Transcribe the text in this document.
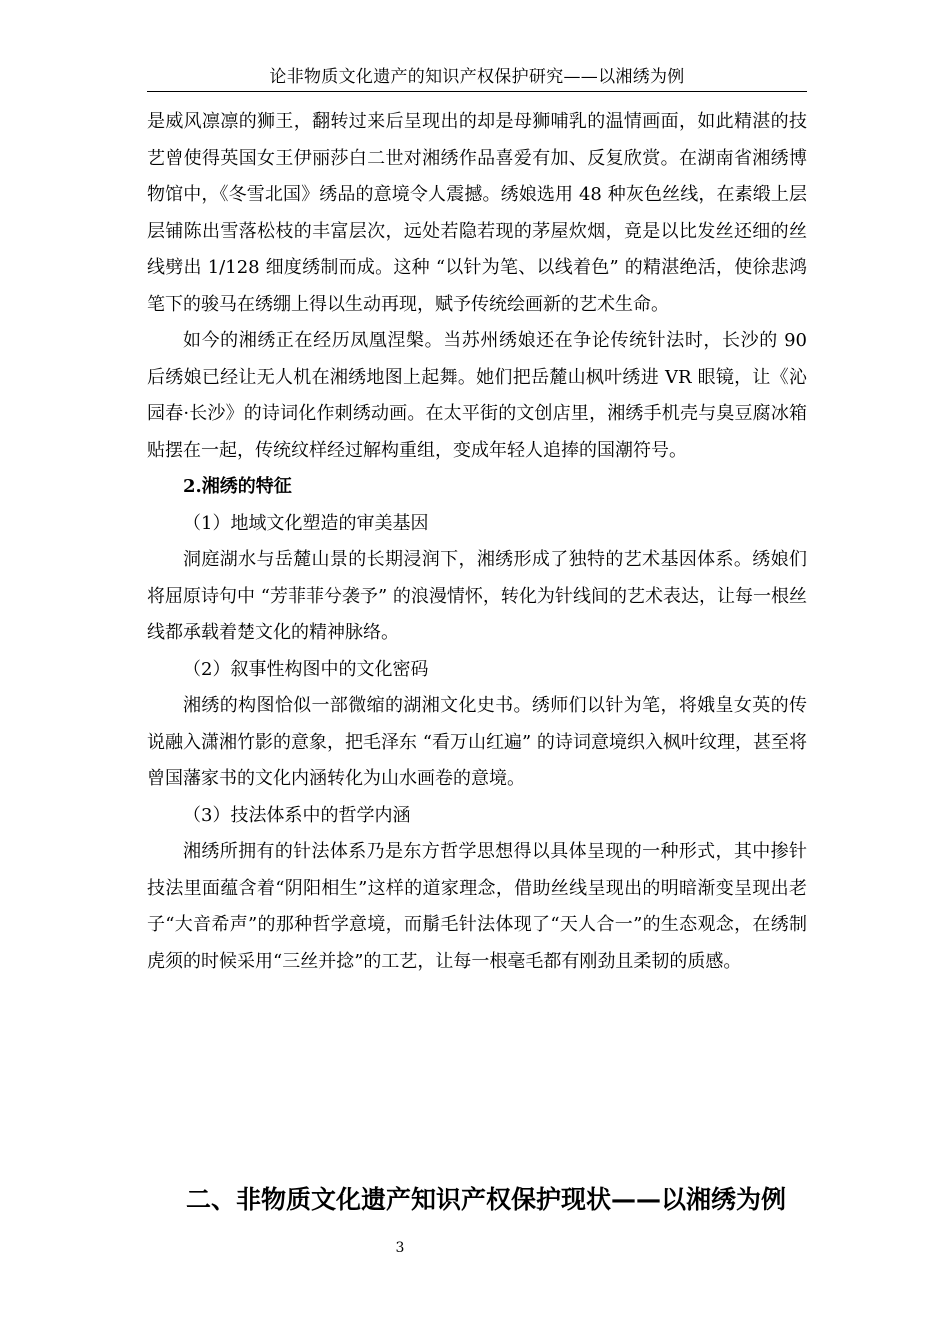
论非物质文化遗产的知识产权保护研究——以湘绣为例

是威风凛凛的狮王，翻转过来后呈现出的却是母狮哺乳的温情画面，如此精湛的技艺曾使得英国女王伊丽莎白二世对湘绣作品喜爱有加、反复欣赏。在湖南省湘绣博物馆中，《冬雪北国》绣品的意境令人震撼。绣娘选用 48 种灰色丝线，在素缎上层层铺陈出雪落松枝的丰富层次，远处若隐若现的茅屋炊烟，竟是以比发丝还细的丝线劈出 1/128 细度绣制而成。这种 “以针为笔、以线着色” 的精湛绝活，使徐悲鸿笔下的骏马在绣绷上得以生动再现，赋予传统绘画新的艺术生命。

如今的湘绣正在经历凤凰涅槃。当苏州绣娘还在争论传统针法时，长沙的 90 后绣娘已经让无人机在湘绣地图上起舞。她们把岳麓山枫叶绣进 VR 眼镜，让《沁园春·长沙》的诗词化作刺绣动画。在太平街的文创店里，湘绣手机壳与臭豆腐冰箱贴摆在一起，传统纹样经过解构重组，变成年轻人追捧的国潮符号。

2.湘绣的特征

（1）地域文化塑造的审美基因

洞庭湖水与岳麓山景的长期浸润下，湘绣形成了独特的艺术基因体系。绣娘们将屈原诗句中 “芳菲菲兮袭予” 的浪漫情怀，转化为针线间的艺术表达，让每一根丝线都承载着楚文化的精神脉络。

（2）叙事性构图中的文化密码

湘绣的构图恰似一部微缩的湖湘文化史书。绣师们以针为笔，将娥皇女英的传说融入潇湘竹影的意象，把毛泽东 “看万山红遍” 的诗词意境织入枫叶纹理，甚至将曾国藩家书的文化内涵转化为山水画卷的意境。

（3）技法体系中的哲学内涵

湘绣所拥有的针法体系乃是东方哲学思想得以具体呈现的一种形式，其中掺针技法里面蕴含着“阴阳相生”这样的道家理念，借助丝线呈现出的明暗渐变呈现出老子“大音希声”的那种哲学意境，而鬅毛针法体现了“天人合一”的生态观念，在绣制虎须的时候采用“三丝并捻”的工艺，让每一根毫毛都有刚劲且柔韧的质感。

二、非物质文化遗产知识产权保护现状——以湘绣为例
3
